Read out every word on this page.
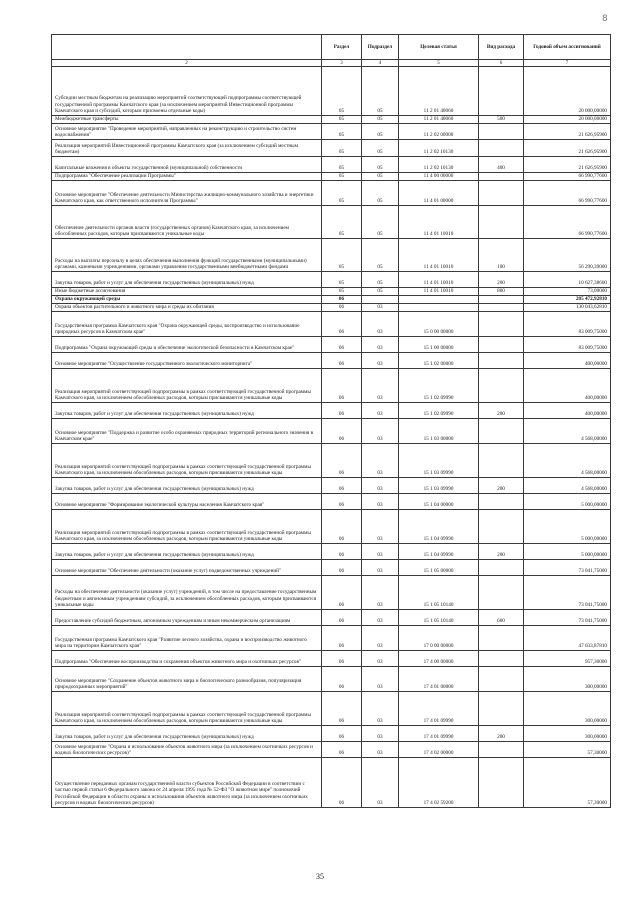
8
		Раздел	Подраздел	Целевая статья	Вид расхода	Годовой объем ассигнований
	2	3	4	5	6	7
	Субсидии местным бюджетам на реализацию мероприятий соответствующей подпрограммы соответствующей государственной программы Камчатского края (за исключением мероприятий Инвестиционной программы Камчатского края и субсидий, которым присвоены отдельные коды)	05	05	11 2 01 40060		20 000,00000
	Межбюджетные трансферты	05	05	11 2 01 40060	500	20 000,00000
	Основное мероприятие "Проведение мероприятий, направленных на реконструкцию и строительство систем водоснабжения"	05	05	11 2 02 00000		21 626,95900
	Реализация мероприятий Инвестиционной программы Камчатского края (за исключением субсидий местным бюджетам)	05	05	11 2 02 10130		21 626,95900
	Капитальные вложения в объекты государственной (муниципальной) собственности	05	05	11 2 02 10130	400	21 626,95900
	Подпрограмма "Обеспечение реализации Программы"	05	05	11 4 00 00000		66 990,77600
	Основное мероприятие "Обеспечение деятельности Министерства жилищно-коммунального хозяйства и энергетики Камчатского края, как ответственного исполнителя Программы"	05	05	11 4 01 00000		66 990,77600
	Обеспечение деятельности органов власти (государственных органов) Камчатского края, за исключением обособленных расходов, которым присваиваются уникальные коды	05	05	11 4 01 10010		66 990,77600
	Расходы на выплаты персоналу в целях обеспечения выполнения функций государственными (муниципальными) органами, казенными учреждениями, органами управления государственными внебюджетными фондами	05	05	11 4 01 10010	100	56 290,39000
	Закупка товаров, работ и услуг для обеспечения государственных (муниципальных) нужд	05	05	11 4 01 10010	200	10 627,38600
	Иные бюджетные ассигнования	05	05	11 4 01 10010	800	73,00000
	Охрана окружающей среды	06				205 472,92810
	Охрана объектов растительного и животного мира и среды их обитания	06	03			130 043,62810
	Государственная программа Камчатского края "Охрана окружающей среды, воспроизводство и использование природных ресурсов в Камчатском крае"	06	03	15 0 00 00000		83 009,75000
	Подпрограмма "Охрана окружающей среды и обеспечение экологической безопасности в Камчатском крае"	06	03	15 1 00 00000		83 009,75000
	Основное мероприятие "Осуществление государственного экологического мониторинга"	06	03	15 1 02 00000		400,00000
	Реализация мероприятий соответствующей подпрограммы в рамках соответствующей государственной программы Камчатского края, за исключением обособленных расходов, которым присваиваются уникальные коды	06	03	15 1 02 09990		400,00000
	Закупка товаров, работ и услуг для обеспечения государственных (муниципальных) нужд	06	03	15 1 02 09990	200	400,00000
	Основное мероприятие "Поддержка и развитие особо охраняемых природных территорий регионального значения в Камчатском крае"	06	03	15 1 03 00000		4 568,00000
	Реализация мероприятий соответствующей подпрограммы в рамках соответствующей государственной программы Камчатского края, за исключением обособленных расходов, которым присваиваются уникальные коды	06	03	15 1 03 09990		4 568,00000
	Закупка товаров, работ и услуг для обеспечения государственных (муниципальных) нужд	06	03	15 1 03 09990	200	4 568,00000
	Основное мероприятие "Формирование экологической культуры населения Камчатского края"	06	03	15 1 04 00000		5 000,00000
	Реализация мероприятий соответствующей подпрограммы в рамках соответствующей государственной программы Камчатского края, за исключением обособленных расходов, которым присваиваются уникальные коды	06	03	15 1 04 09990		5 000,00000
	Закупка товаров, работ и услуг для обеспечения государственных (муниципальных) нужд	06	03	15 1 04 09990	200	5 000,00000
	Основное мероприятие "Обеспечение деятельности (оказание услуг) подведомственных учреждений"	06	03	15 1 05 00000		73 041,75000
	Расходы на обеспечение деятельности (оказание услуг) учреждений, в том числе на предоставление государственным бюджетным и автономным учреждениям субсидий, за исключением обособленных расходов, которым присваиваются уникальные коды	06	03	15 1 05 10140		73 041,75000
	Предоставление субсидий бюджетным, автономным учреждениям и иным некоммерческим организациям	06	03	15 1 05 10140	600	73 041,75000
	Государственная программа Камчатского края "Развитие лесного хозяйства, охрана и воспроизводство животного мира на территории Камчатского края"	06	03	17 0 00 00000		47 033,87810
	Подпрограмма "Обеспечение воспроизводства и сохранения объектов животного мира и охотничьих ресурсов"	06	03	17 4 00 00000		957,30000
	Основное мероприятие "Сохранение объектов животного мира и биологического разнообразия, популяризация природоохранных мероприятий"	06	03	17 4 01 00000		300,00000
	Реализация мероприятий соответствующей подпрограммы в рамках соответствующей государственной программы Камчатского края, за исключением обособленных расходов, которым присваиваются уникальные коды	06	03	17 4 01 09990		300,00000
	Закупка товаров, работ и услуг для обеспечения государственных (муниципальных) нужд	06	03	17 4 01 09990	200	300,00000
	Основное мероприятие "Охрана и использование объектов животного мира (за исключением охотничьих ресурсов и водных биологических ресурсов)"	06	03	17 4 02 00000		57,30000
	Осуществление переданных органам государственной власти субъектов Российской Федерации в соответствии с частью первой статьи 6 Федерального закона от 24 апреля 1995 года № 52-ФЗ "О животном мире" полномочий Российской Федерации в области охраны и использования объектов животного мира (за исключением охотничьих ресурсов и водных биологических ресурсов)	06	03	17 4 02 59200		57,30000
35
